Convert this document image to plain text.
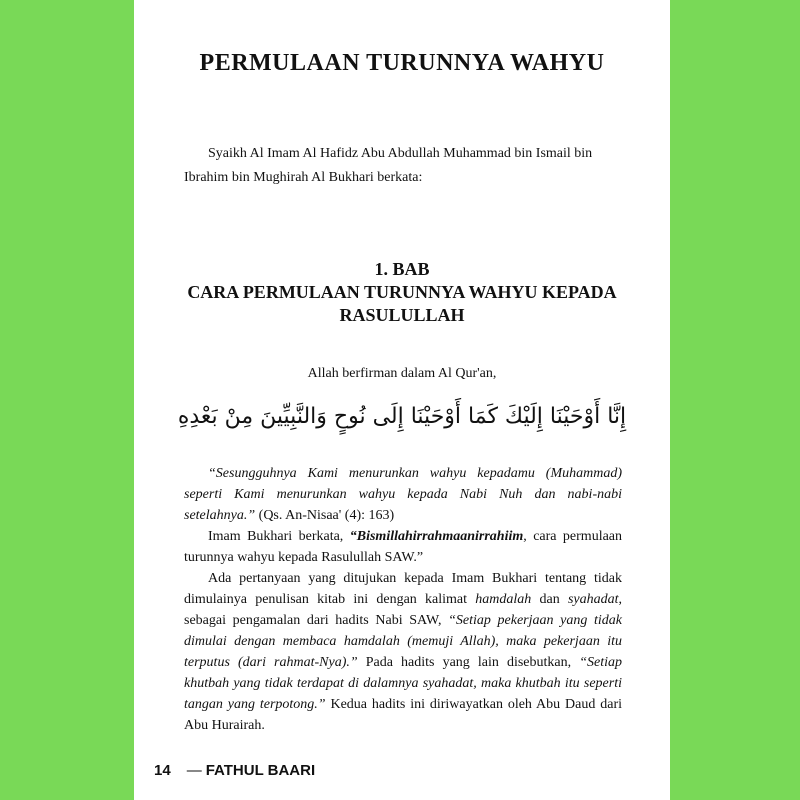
PERMULAAN TURUNNYA WAHYU
Syaikh Al Imam Al Hafidz Abu Abdullah Muhammad bin Ismail bin Ibrahim bin Mughirah Al Bukhari berkata:
1. BAB
CARA PERMULAAN TURUNNYA WAHYU KEPADA
RASULULLAH
Allah berfirman dalam Al Qur'an,
إِنَّا أَوْحَيْنَا إِلَيْكَ كَمَا أَوْحَيْنَا إِلَى نُوحٍ وَالنَّبِيِّينَ مِنْ بَعْدِهِ

“Sesungguhnya Kami menurunkan wahyu kepadamu (Muhammad) seperti Kami menurunkan wahyu kepada Nabi Nuh dan nabi-nabi setelahnya.” (Qs. An-Nisaa' (4): 163)

Imam Bukhari berkata, “Bismillahirrahmaanirrahiim, cara permulaan turunnya wahyu kepada Rasulullah SAW.”

Ada pertanyaan yang ditujukan kepada Imam Bukhari tentang tidak dimulainya penulisan kitab ini dengan kalimat hamdalah dan syahadat, sebagai pengamalan dari hadits Nabi SAW, “Setiap pekerjaan yang tidak dimulai dengan membaca hamdalah (memuji Allah), maka pekerjaan itu terputus (dari rahmat-Nya).” Pada hadits yang lain disebutkan, “Setiap khutbah yang tidak terdapat di dalamnya syahadat, maka khutbah itu seperti tangan yang terpotong.” Kedua hadits ini diriwayatkan oleh Abu Daud dari Abu Hurairah.

14 — FATHUL BAARI
